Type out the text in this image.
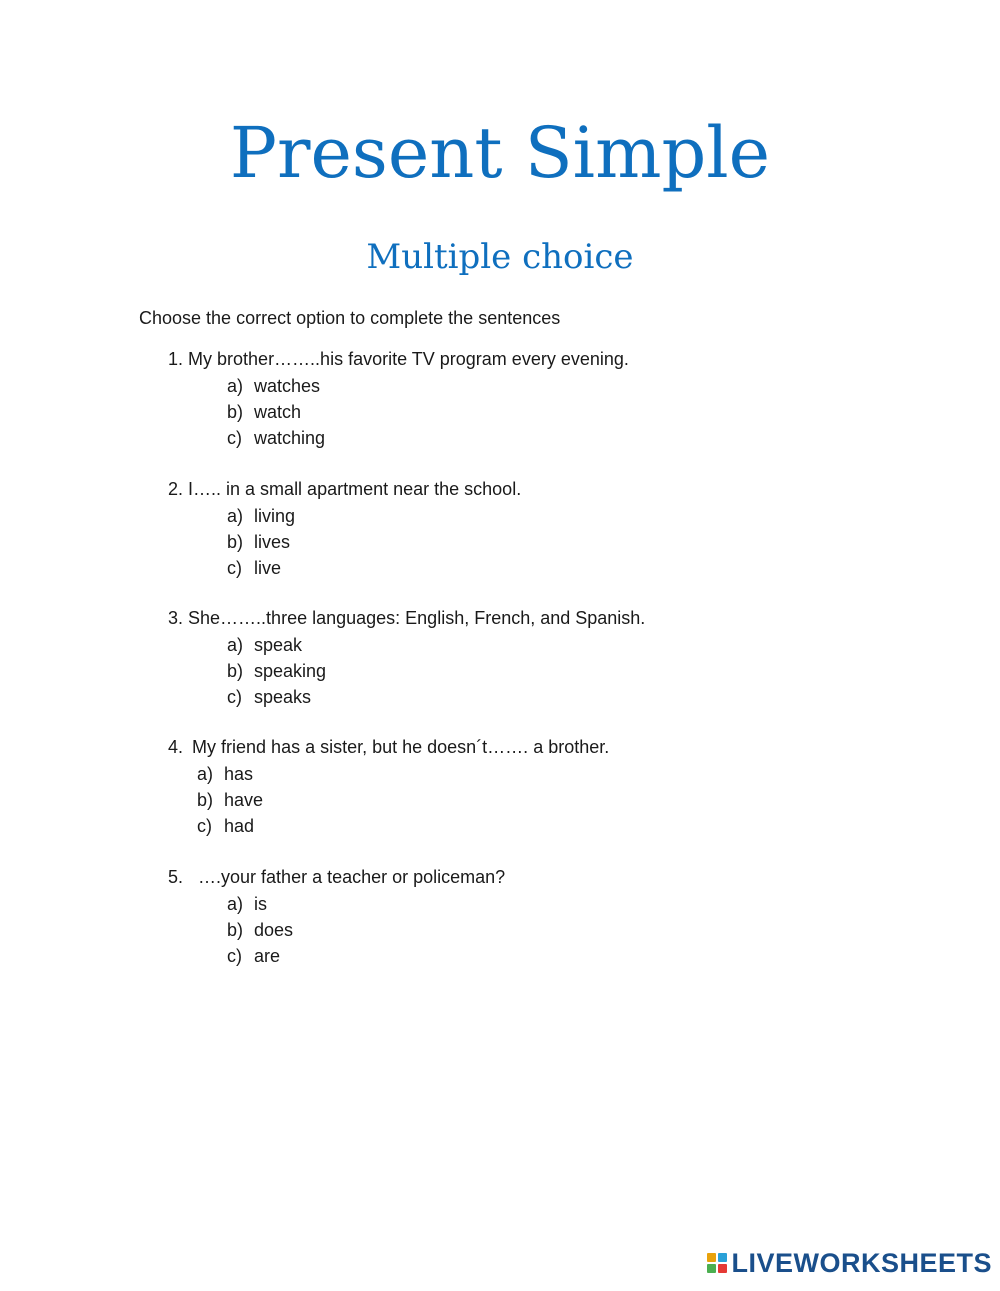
Present Simple
Multiple choice
Choose the correct option to complete the sentences
1. My brother……..his favorite TV program every evening.
a) watches
b) watch
c) watching
2. I….. in a small apartment near the school.
a) living
b) lives
c) live
3. She……..three languages: English, French, and Spanish.
a) speak
b) speaking
c) speaks
4. My friend has a sister, but he doesn´t……. a brother.
a) has
b) have
c) had
5. ….your father a teacher or policeman?
a) is
b) does
c) are
LIVEWORKSHEETS
